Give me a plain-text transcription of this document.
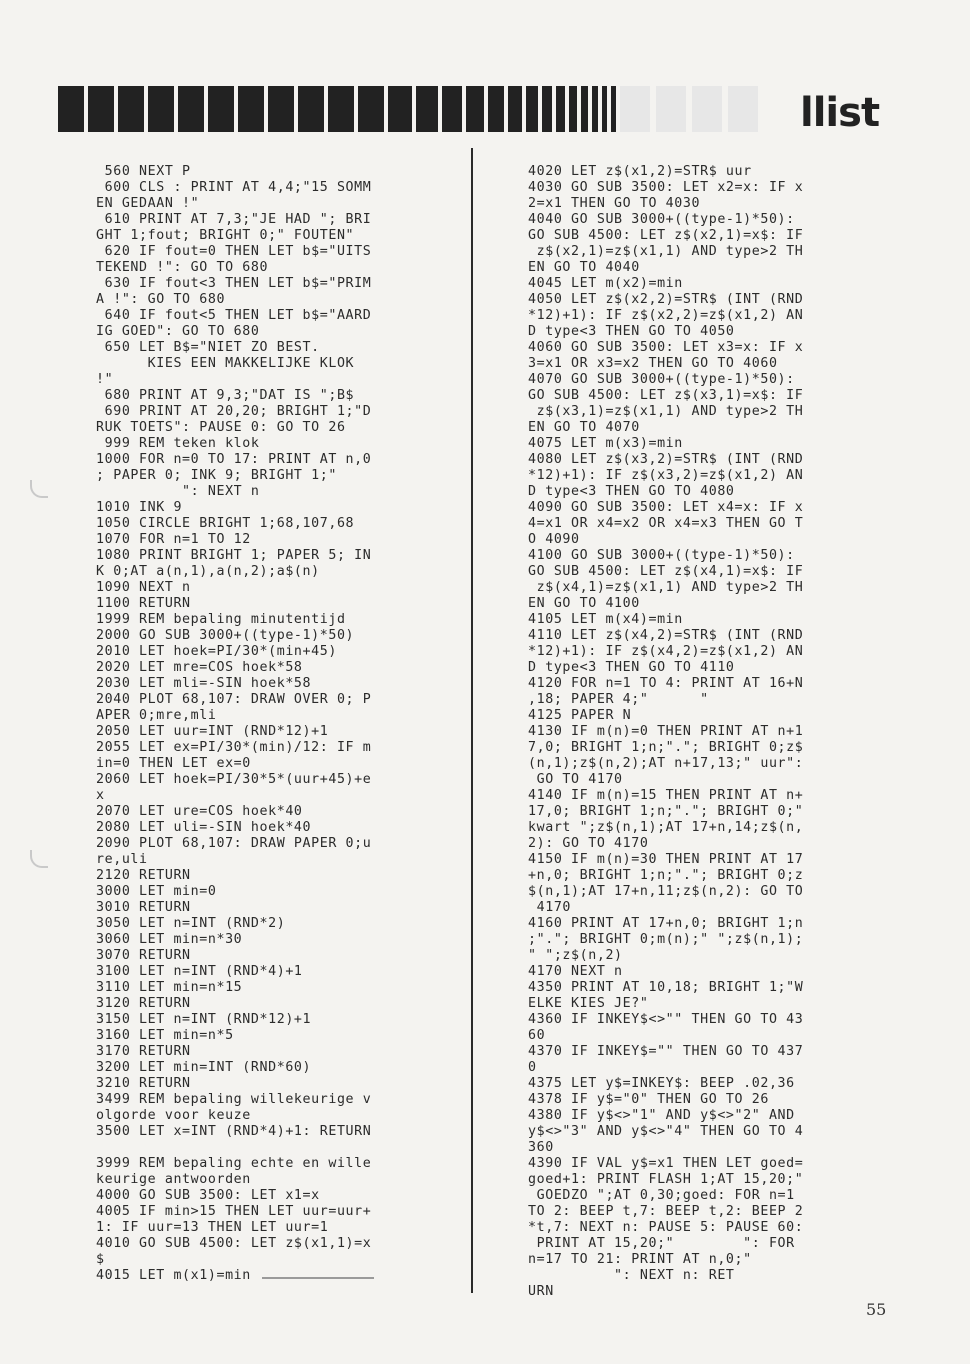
llist
560 NEXT P
600 CLS : PRINT AT 4,4;"15 SOMM
EN GEDAAN !"
610 PRINT AT 7,3;"JE HAD "; BRI
GHT 1;fout; BRIGHT 0;" FOUTEN"
620 IF fout=0 THEN LET b$="UITS
TEKEND !": GO TO 680
630 IF fout<3 THEN LET b$="PRIM
A !": GO TO 680
640 IF fout<5 THEN LET b$="AARD
IG GOED": GO TO 680
650 LET B$="NIET ZO BEST.
KIES EEN MAKKELIJKE KLOK
!"
680 PRINT AT 9,3;"DAT IS ";B$
690 PRINT AT 20,20; BRIGHT 1;"D
RUK TOETS": PAUSE 0: GO TO 26
999 REM teken klok
1000 FOR n=0 TO 17: PRINT AT n,0
; PAPER 0; INK 9; BRIGHT 1;"
": NEXT n
1010 INK 9
1050 CIRCLE BRIGHT 1;68,107,68
1070 FOR n=1 TO 12
1080 PRINT BRIGHT 1; PAPER 5; IN
K 0;AT a(n,1),a(n,2);a$(n)
1090 NEXT n
1100 RETURN
1999 REM bepaling minutentijd
2000 GO SUB 3000+((type-1)*50)
2010 LET hoek=PI/30*(min+45)
2020 LET mre=COS hoek*58
2030 LET mli=-SIN hoek*58
2040 PLOT 68,107: DRAW OVER 0; P
APER 0;mre,mli
2050 LET uur=INT (RND*12)+1
2055 LET ex=PI/30*(min)/12: IF m
in=0 THEN LET ex=0
2060 LET hoek=PI/30*5*(uur+45)+e
x
2070 LET ure=COS hoek*40
2080 LET uli=-SIN hoek*40
2090 PLOT 68,107: DRAW PAPER 0;u
re,uli
2120 RETURN
3000 LET min=0
3010 RETURN
3050 LET n=INT (RND*2)
3060 LET min=n*30
3070 RETURN
3100 LET n=INT (RND*4)+1
3110 LET min=n*15
3120 RETURN
3150 LET n=INT (RND*12)+1
3160 LET min=n*5
3170 RETURN
3200 LET min=INT (RND*60)
3210 RETURN
3499 REM bepaling willekeurige v
olgorde voor keuze
3500 LET x=INT (RND*4)+1: RETURN
3999 REM bepaling echte en wille
keurige antwoorden
4000 GO SUB 3500: LET x1=x
4005 IF min>15 THEN LET uur=uur+
1: IF uur=13 THEN LET uur=1
4010 GO SUB 4500: LET z$(x1,1)=x
$
4015 LET m(x1)=min
4020 LET z$(x1,2)=STR$ uur
4030 GO SUB 3500: LET x2=x: IF x
2=x1 THEN GO TO 4030
4040 GO SUB 3000+((type-1)*50):
GO SUB 4500: LET z$(x2,1)=x$: IF
z$(x2,1)=z$(x1,1) AND type>2 TH
EN GO TO 4040
4045 LET m(x2)=min
4050 LET z$(x2,2)=STR$ (INT (RND
*12)+1): IF z$(x2,2)=z$(x1,2) AN
D type<3 THEN GO TO 4050
4060 GO SUB 3500: LET x3=x: IF x
3=x1 OR x3=x2 THEN GO TO 4060
4070 GO SUB 3000+((type-1)*50):
GO SUB 4500: LET z$(x3,1)=x$: IF
z$(x3,1)=z$(x1,1) AND type>2 TH
EN GO TO 4070
4075 LET m(x3)=min
4080 LET z$(x3,2)=STR$ (INT (RND
*12)+1): IF z$(x3,2)=z$(x1,2) AN
D type<3 THEN GO TO 4080
4090 GO SUB 3500: LET x4=x: IF x
4=x1 OR x4=x2 OR x4=x3 THEN GO T
O 4090
4100 GO SUB 3000+((type-1)*50):
GO SUB 4500: LET z$(x4,1)=x$: IF
z$(x4,1)=z$(x1,1) AND type>2 TH
EN GO TO 4100
4105 LET m(x4)=min
4110 LET z$(x4,2)=STR$ (INT (RND
*12)+1): IF z$(x4,2)=z$(x1,2) AN
D type<3 THEN GO TO 4110
4120 FOR n=1 TO 4: PRINT AT 16+N
,18; PAPER 4;"      "
4125 PAPER N
4130 IF m(n)=0 THEN PRINT AT n+1
7,0; BRIGHT 1;n;"."; BRIGHT 0;z$
(n,1);z$(n,2);AT n+17,13;" uur":
GO TO 4170
4140 IF m(n)=15 THEN PRINT AT n+
17,0; BRIGHT 1;n;"."; BRIGHT 0;"
kwart ";z$(n,1);AT 17+n,14;z$(n,
2): GO TO 4170
4150 IF m(n)=30 THEN PRINT AT 17
+n,0; BRIGHT 1;n;"."; BRIGHT 0;z
$(n,1);AT 17+n,11;z$(n,2): GO TO
4170
4160 PRINT AT 17+n,0; BRIGHT 1;n
;"."; BRIGHT 0;m(n);" ";z$(n,1);
" ";z$(n,2)
4170 NEXT n
4350 PRINT AT 10,18; BRIGHT 1;"W
ELKE KIES JE?"
4360 IF INKEY$<>"" THEN GO TO 43
60
4370 IF INKEY$="" THEN GO TO 437
0
4375 LET y$=INKEY$: BEEP .02,36
4378 IF y$="0" THEN GO TO 26
4380 IF y$<>"1" AND y$<>"2" AND
y$<>"3" AND y$<>"4" THEN GO TO 4
360
4390 IF VAL y$=x1 THEN LET goed=
goed+1: PRINT FLASH 1;AT 15,20;"
GOEDZO ";AT 0,30;goed: FOR n=1
TO 2: BEEP t,7: BEEP t,2: BEEP 2
*t,7: NEXT n: PAUSE 5: PAUSE 60:
PRINT AT 15,20;"        ": FOR
n=17 TO 21: PRINT AT n,0;"
": NEXT n: RET
URN
55
